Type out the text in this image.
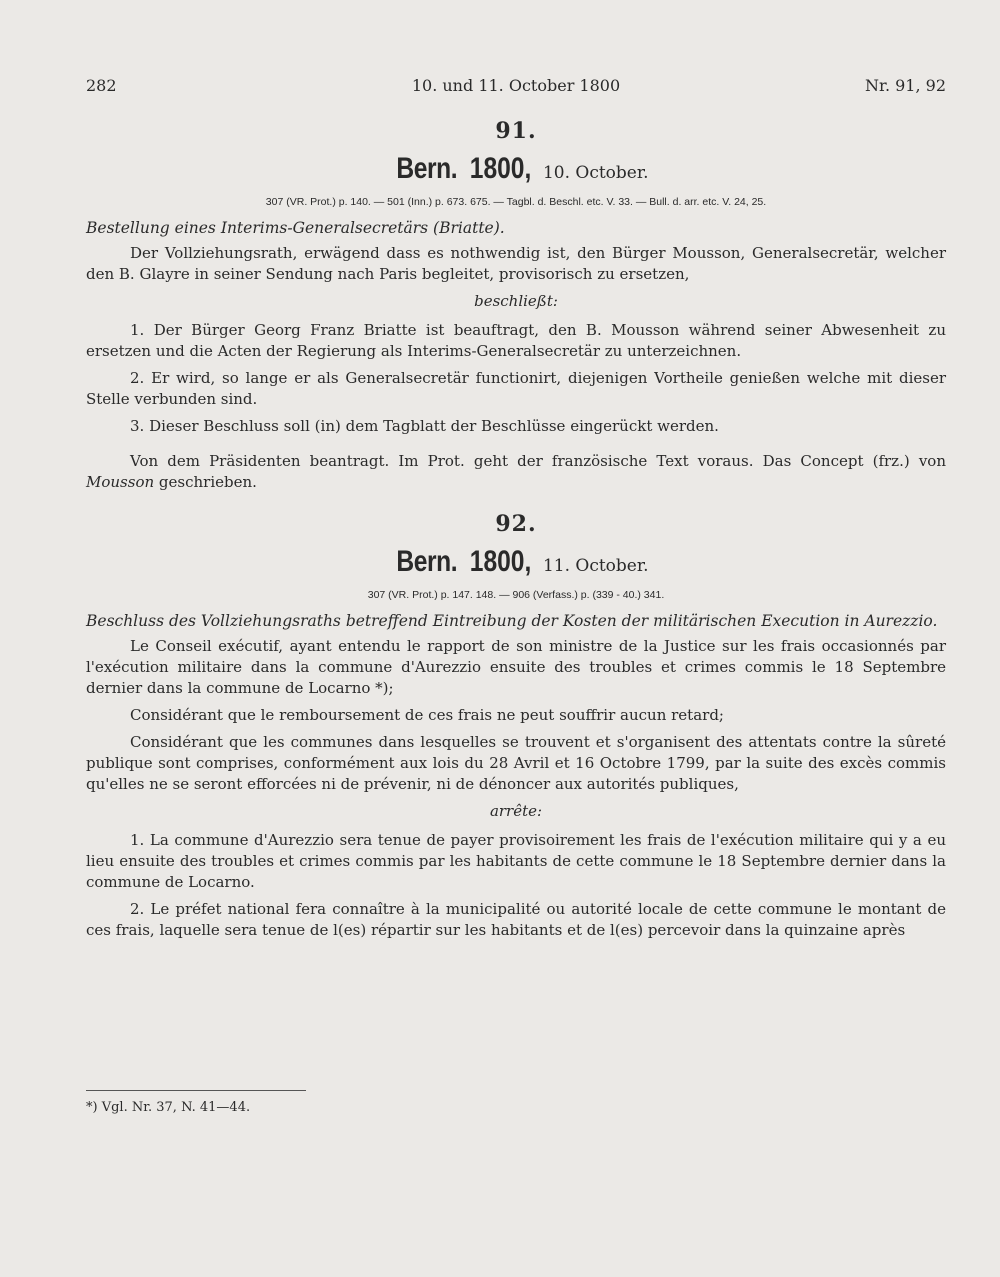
282	10. und 11. October 1800	Nr. 91, 92
91.
Bern. 1800, 10. October.
307 (VR. Prot.) p. 140. — 501 (Inn.) p. 673. 675. — Tagbl. d. Beschl. etc. V. 33. — Bull. d. arr. etc. V. 24, 25.
Bestellung eines Interims-Generalsecretärs (Briatte).

Der Vollziehungsrath, erwägend dass es nothwendig ist, den Bürger Mousson, Generalsecretär, welcher den B. Glayre in seiner Sendung nach Paris begleitet, provisorisch zu ersetzen,

beschließt:

1. Der Bürger Georg Franz Briatte ist beauftragt, den B. Mousson während seiner Abwesenheit zu ersetzen und die Acten der Regierung als Interims-Generalsecretär zu unterzeichnen.

2. Er wird, so lange er als Generalsecretär functionirt, diejenigen Vortheile genießen welche mit dieser Stelle verbunden sind.

3. Dieser Beschluss soll (in) dem Tagblatt der Beschlüsse eingerückt werden.

Von dem Präsidenten beantragt. Im Prot. geht der französische Text voraus. Das Concept (frz.) von Mousson geschrieben.

92.
Bern. 1800, 11. October.
307 (VR. Prot.) p. 147. 148. — 906 (Verfass.) p. (339 - 40.) 341.
Beschluss des Vollziehungsraths betreffend Eintreibung der Kosten der militärischen Execution in Aurezzio.

Le Conseil exécutif, ayant entendu le rapport de son ministre de la Justice sur les frais occasionnés par l'exécution militaire dans la commune d'Aurezzio ensuite des troubles et crimes commis le 18 Septembre dernier dans la commune de Locarno *);

Considérant que le remboursement de ces frais ne peut souffrir aucun retard;

Considérant que les communes dans lesquelles se trouvent et s'organisent des attentats contre la sûreté publique sont comprises, conformément aux lois du 28 Avril et 16 Octobre 1799, par la suite des excès commis qu'elles ne se seront efforcées ni de prévenir, ni de dénoncer aux autorités publiques,

arrête:

1. La commune d'Aurezzio sera tenue de payer provisoirement les frais de l'exécution militaire qui y a eu lieu ensuite des troubles et crimes commis par les habitants de cette commune le 18 Septembre dernier dans la commune de Locarno.

2. Le préfet national fera connaître à la municipalité ou autorité locale de cette commune le montant de ces frais, laquelle sera tenue de l(es) répartir sur les habitants et de l(es) percevoir dans la quinzaine après

*) Vgl. Nr. 37, N. 41—44.
